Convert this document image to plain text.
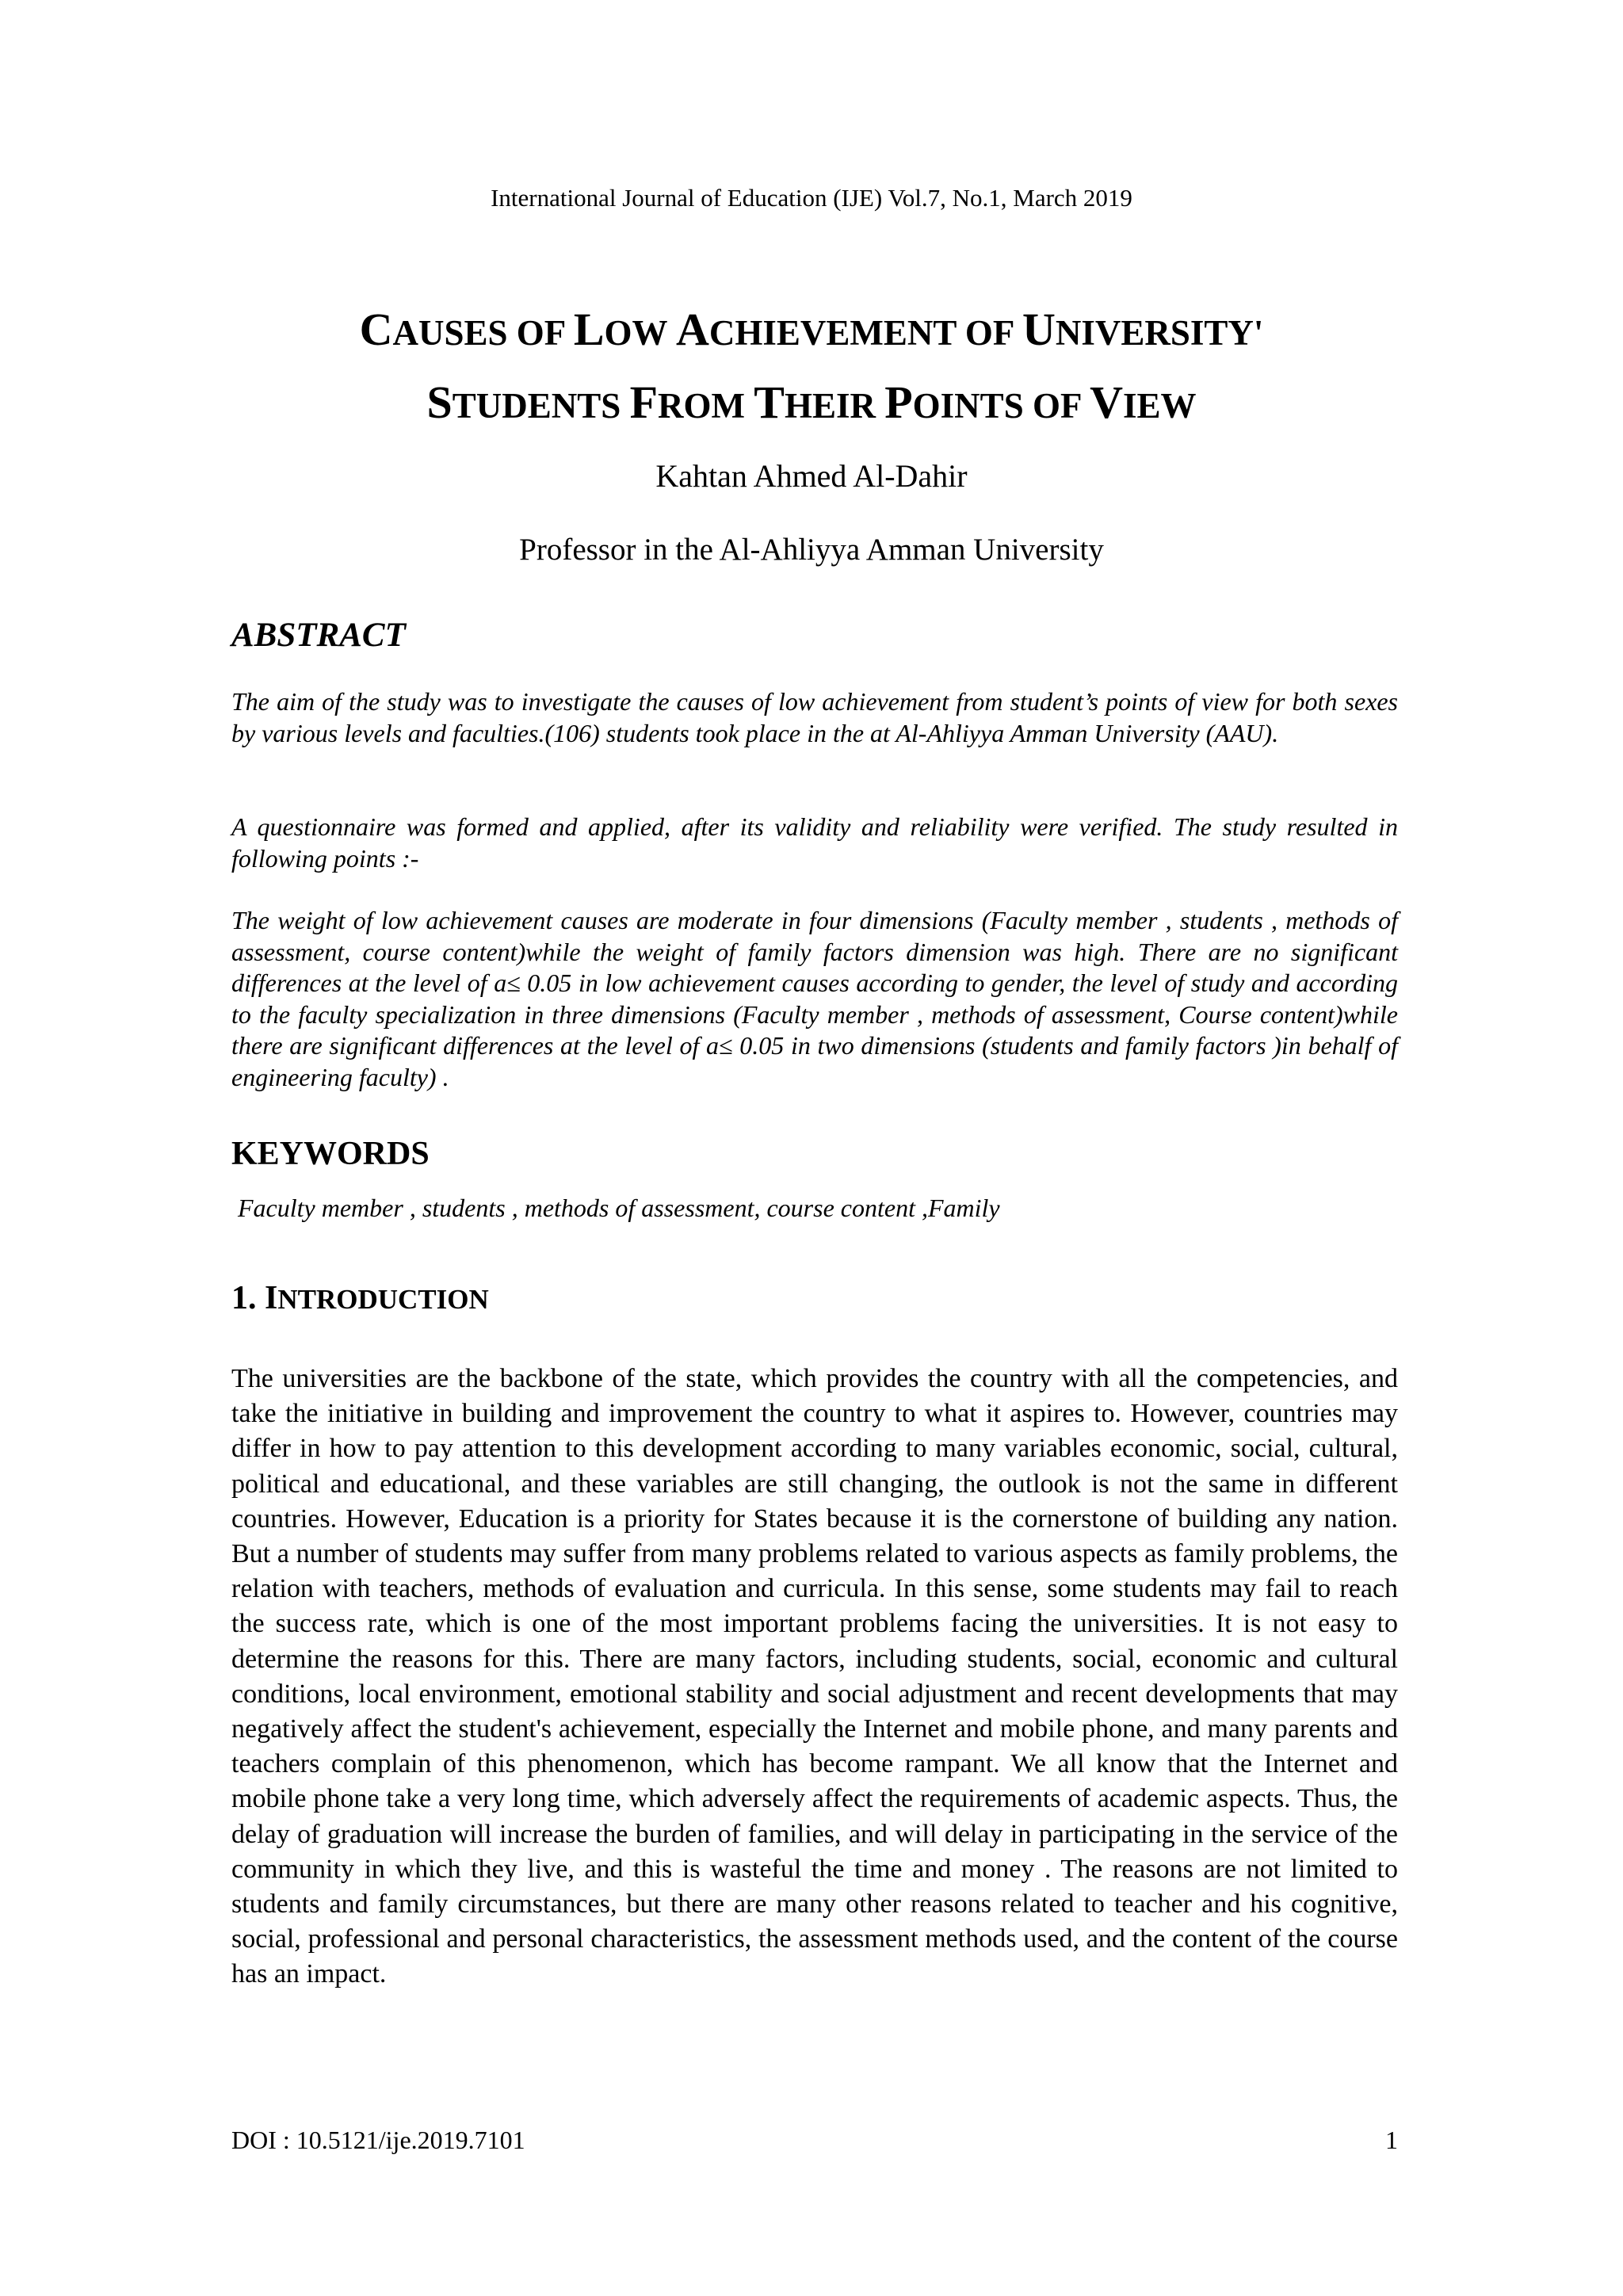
International Journal of Education (IJE) Vol.7, No.1, March 2019
CAUSES OF LOW ACHIEVEMENT OF UNIVERSITY'
STUDENTS FROM THEIR POINTS OF VIEW
Kahtan Ahmed Al-Dahir
Professor in the Al-Ahliyya Amman University
ABSTRACT

The aim of the study was to investigate the causes of low achievement from student’s points of view for both sexes by various levels and faculties.(106) students took place in the at Al-Ahliyya Amman University (AAU).

A questionnaire was formed and applied, after its validity and reliability were verified. The study resulted in following points :-

The weight of low achievement causes are moderate in four dimensions (Faculty member , students , methods of assessment, course content)while the weight of family factors dimension was high. There are no significant differences at the level of a≤ 0.05 in low achievement causes according to gender, the level of study and according to the faculty specialization in three dimensions (Faculty member , methods of assessment, Course content)while there are significant differences at the level of a≤ 0.05 in two dimensions (students and family factors )in behalf of engineering faculty) .

KEYWORDS
Faculty member , students , methods of assessment, course content ,Family
1. INTRODUCTION

The universities are the backbone of the state, which provides the country with all the competencies, and take the initiative in building and improvement the country to what it aspires to. However, countries may differ in how to pay attention to this development according to many variables economic, social, cultural, political and educational, and these variables are still changing, the outlook is not the same in different countries. However, Education is a priority for States because it is the cornerstone of building any nation. But a number of students may suffer from many problems related to various aspects as family problems, the relation with teachers, methods of evaluation and curricula. In this sense, some students may fail to reach the success rate, which is one of the most important problems facing the universities. It is not easy to determine the reasons for this. There are many factors, including students, social, economic and cultural conditions, local environment, emotional stability and social adjustment and recent developments that may negatively affect the student's achievement, especially the Internet and mobile phone, and many parents and teachers complain of this phenomenon, which has become rampant. We all know that the Internet and mobile phone take a very long time, which adversely affect the requirements of academic aspects. Thus, the delay of graduation will increase the burden of families, and will delay in participating in the service of the community in which they live, and this is wasteful the time and money . The reasons are not limited to students and family circumstances, but there are many other reasons related to teacher and his cognitive, social, professional and personal characteristics, the assessment methods used, and the content of the course has an impact.

DOI : 10.5121/ije.2019.7101	1
